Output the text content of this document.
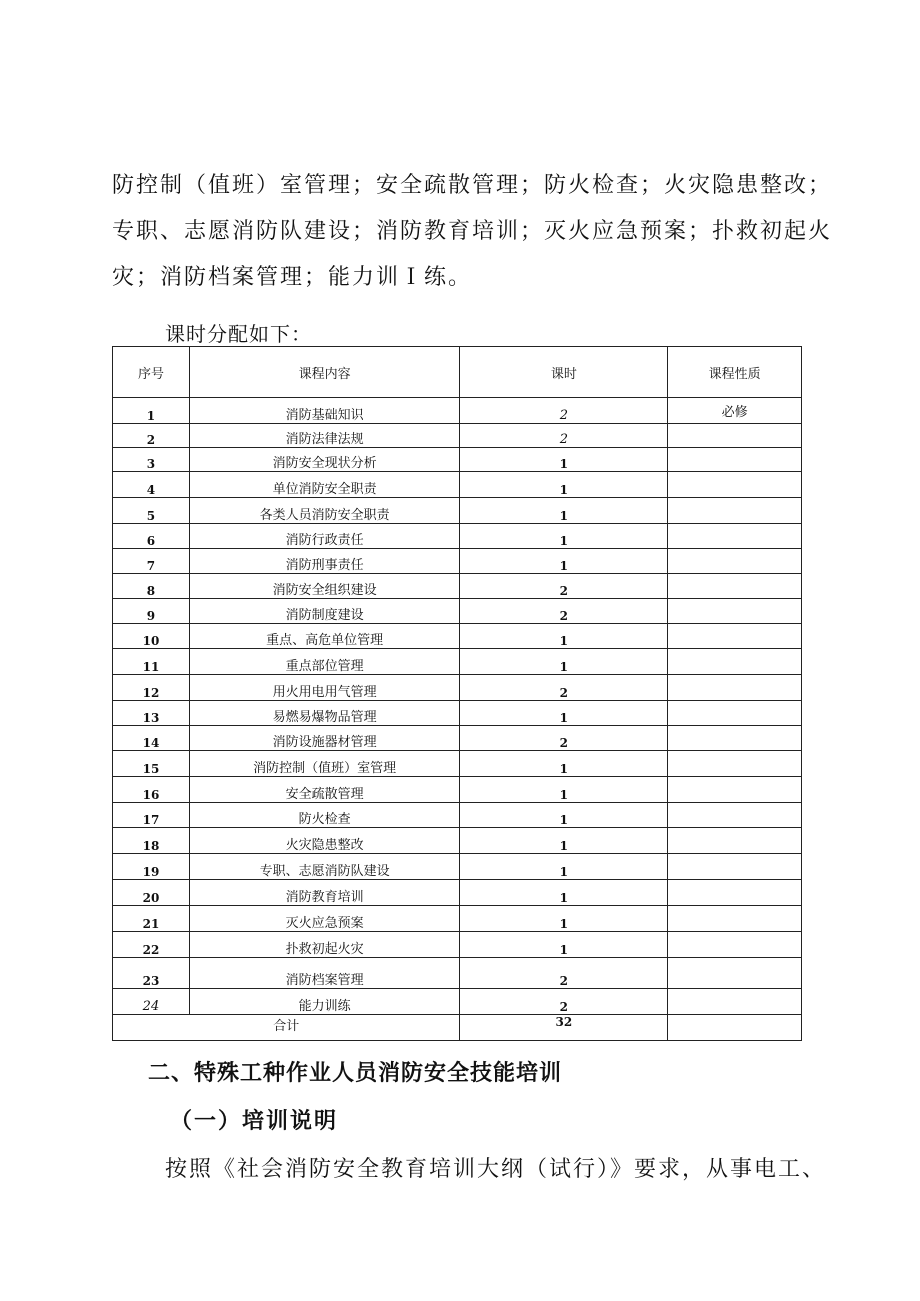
防控制（值班）室管理；安全疏散管理；防火检查；火灾隐患整改；
专职、志愿消防队建设；消防教育培训；灭火应急预案；扑救初起火
灾；消防档案管理；能力训Ｉ练。
课时分配如下：
序号	课程内容	课时	课程性质
1	消防基础知识	2	必修
2	消防法律法规	2	
3	消防安全现状分析	1	
4	单位消防安全职责	1	
5	各类人员消防安全职责	1	
6	消防行政责任	1	
7	消防刑事责任	1	
8	消防安全组织建设	2	
9	消防制度建设	2	
10	重点、高危单位管理	1	
11	重点部位管理	1	
12	用火用电用气管理	2	
13	易燃易爆物品管理	1	
14	消防设施器材管理	2	
15	消防控制（值班）室管理	1	
16	安全疏散管理	1	
17	防火检查	1	
18	火灾隐患整改	1	
19	专职、志愿消防队建设	1	
20	消防教育培训	1	
21	灭火应急预案	1	
22	扑救初起火灾	1	
23	消防档案管理	2	
24	能力训练	2	
合计		32	
二、特殊工种作业人员消防安全技能培训
（一）培训说明
按照《社会消防安全教育培训大纲（试行）》要求，从事电工、
